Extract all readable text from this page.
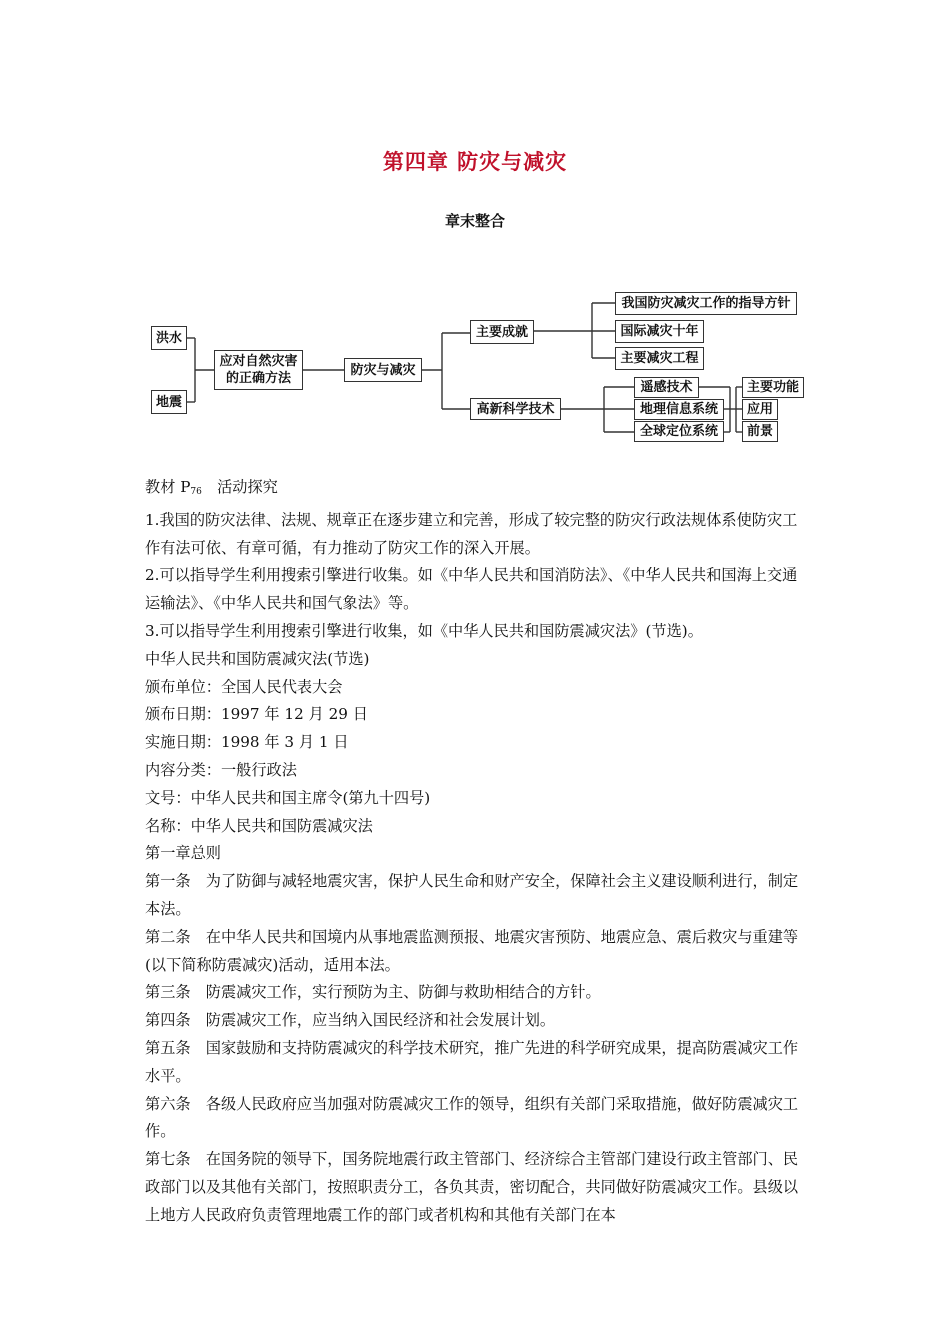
第四章 防灾与减灾
章末整合
洪水
地震
应对自然灾害
的正确方法
防灾与减灾
主要成就
高新科学技术
我国防灾减灾工作的指导方针
国际减灾十年
主要减灾工程
遥感技术
地理信息系统
全球定位系统
主要功能
应用
前景

教材 $P_{76}$　活动探究

1.我国的防灾法律、法规、规章正在逐步建立和完善，形成了较完整的防灾行政法规体系使防灾工作有法可依、有章可循，有力推动了防灾工作的深入开展。

2.可以指导学生利用搜索引擎进行收集。如《中华人民共和国消防法》、《中华人民共和国海上交通运输法》、《中华人民共和国气象法》等。

3.可以指导学生利用搜索引擎进行收集，如《中华人民共和国防震减灾法》(节选)。

中华人民共和国防震减灾法(节选)

颁布单位：全国人民代表大会

颁布日期：1997 年 12 月 29 日

实施日期：1998 年 3 月 1 日

内容分类：一般行政法

文号：中华人民共和国主席令(第九十四号)

名称：中华人民共和国防震减灾法

第一章总则

第一条　为了防御与减轻地震灾害，保护人民生命和财产安全，保障社会主义建设顺利进行，制定本法。

第二条　在中华人民共和国境内从事地震监测预报、地震灾害预防、地震应急、震后救灾与重建等(以下简称防震减灾)活动，适用本法。

第三条　防震减灾工作，实行预防为主、防御与救助相结合的方针。

第四条　防震减灾工作，应当纳入国民经济和社会发展计划。

第五条　国家鼓励和支持防震减灾的科学技术研究，推广先进的科学研究成果，提高防震减灾工作水平。

第六条　各级人民政府应当加强对防震减灾工作的领导，组织有关部门采取措施，做好防震减灾工作。

第七条　在国务院的领导下，国务院地震行政主管部门、经济综合主管部门建设行政主管部门、民政部门以及其他有关部门，按照职责分工，各负其责，密切配合，共同做好防震减灾工作。县级以上地方人民政府负责管理地震工作的部门或者机构和其他有关部门在本
